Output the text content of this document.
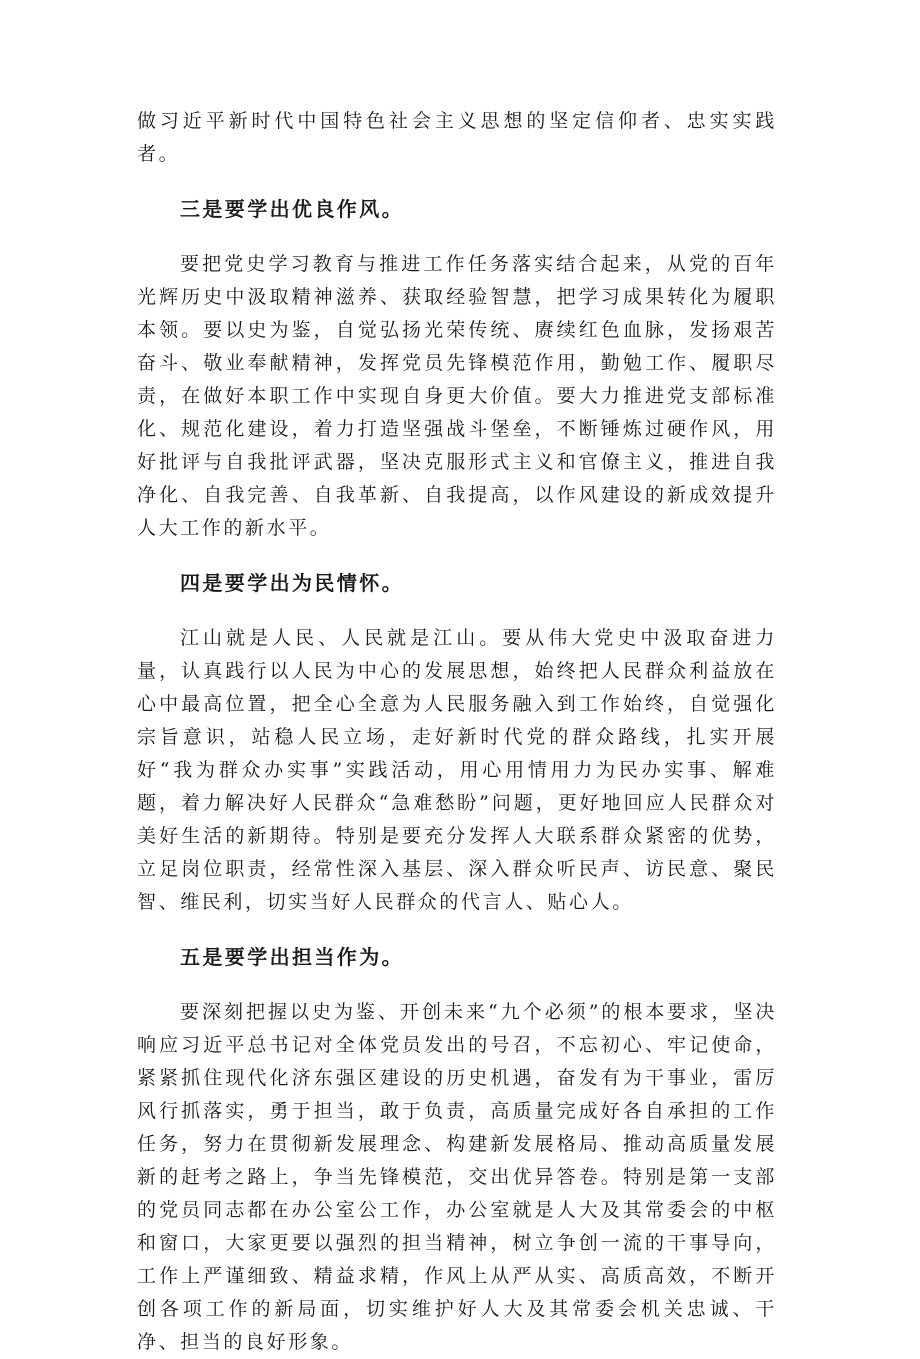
做习近平新时代中国特色社会主义思想的坚定信仰者、忠实实践者。

三是要学出优良作风。

要把党史学习教育与推进工作任务落实结合起来，从党的百年光辉历史中汲取精神滋养、获取经验智慧，把学习成果转化为履职本领。要以史为鉴，自觉弘扬光荣传统、赓续红色血脉，发扬艰苦奋斗、敬业奉献精神，发挥党员先锋模范作用，勤勉工作、履职尽责，在做好本职工作中实现自身更大价值。要大力推进党支部标准化、规范化建设，着力打造坚强战斗堡垒，不断锤炼过硬作风，用好批评与自我批评武器，坚决克服形式主义和官僚主义，推进自我净化、自我完善、自我革新、自我提高，以作风建设的新成效提升人大工作的新水平。

四是要学出为民情怀。

江山就是人民、人民就是江山。要从伟大党史中汲取奋进力量，认真践行以人民为中心的发展思想，始终把人民群众利益放在心中最高位置，把全心全意为人民服务融入到工作始终，自觉强化宗旨意识，站稳人民立场，走好新时代党的群众路线，扎实开展好“我为群众办实事”实践活动，用心用情用力为民办实事、解难题，着力解决好人民群众“急难愁盼”问题，更好地回应人民群众对美好生活的新期待。特别是要充分发挥人大联系群众紧密的优势，立足岗位职责，经常性深入基层、深入群众听民声、访民意、聚民智、维民利，切实当好人民群众的代言人、贴心人。

五是要学出担当作为。

要深刻把握以史为鉴、开创未来“九个必须”的根本要求，坚决响应习近平总书记对全体党员发出的号召，不忘初心、牢记使命，紧紧抓住现代化济东强区建设的历史机遇，奋发有为干事业，雷厉风行抓落实，勇于担当，敢于负责，高质量完成好各自承担的工作任务，努力在贯彻新发展理念、构建新发展格局、推动高质量发展新的赶考之路上，争当先锋模范，交出优异答卷。特别是第一支部的党员同志都在办公室公工作，办公室就是人大及其常委会的中枢和窗口，大家更要以强烈的担当精神，树立争创一流的干事导向，工作上严谨细致、精益求精，作风上从严从实、高质高效，不断开创各项工作的新局面，切实维护好人大及其常委会机关忠诚、干净、担当的良好形象。
